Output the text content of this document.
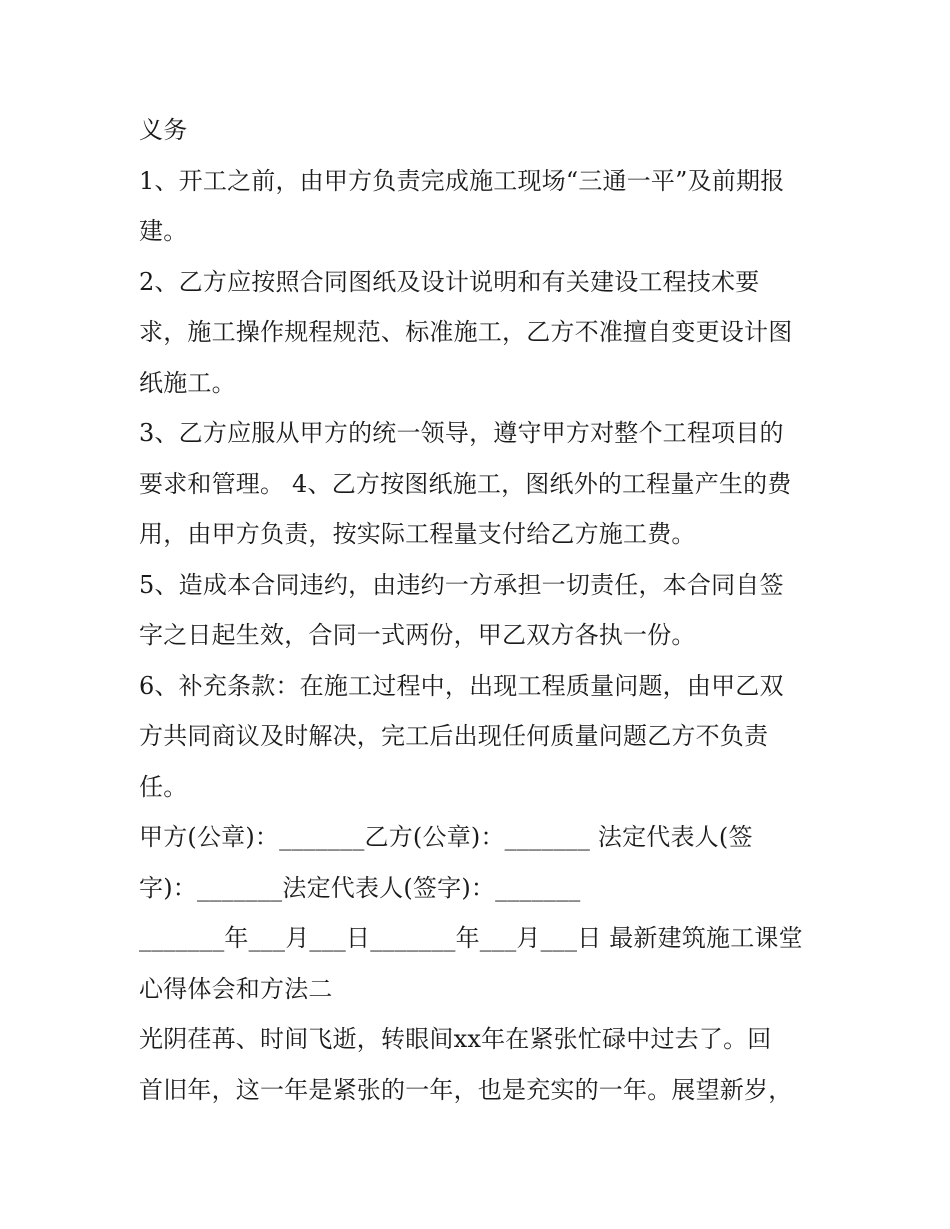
义务

1、开工之前，由甲方负责完成施工现场“三通一平”及前期报

建。

2、乙方应按照合同图纸及设计说明和有关建设工程技术要

求，施工操作规程规范、标准施工，乙方不准擅自变更设计图

纸施工。

3、乙方应服从甲方的统一领导，遵守甲方对整个工程项目的

要求和管理。 4、乙方按图纸施工，图纸外的工程量产生的费

用，由甲方负责，按实际工程量支付给乙方施工费。

5、造成本合同违约，由违约一方承担一切责任，本合同自签

字之日起生效，合同一式两份，甲乙双方各执一份。

6、补充条款：在施工过程中，出现工程质量问题，由甲乙双

方共同商议及时解决，完工后出现任何质量问题乙方不负责

任。

甲方(公章)：_______乙方(公章)：_______ 法定代表人(签

字)：_______法定代表人(签字)：_______

_______年___月___日_______年___月___日 最新建筑施工课堂

心得体会和方法二

光阴荏苒、时间飞逝，转眼间xx年在紧张忙碌中过去了。回

首旧年，这一年是紧张的一年，也是充实的一年。展望新岁，
